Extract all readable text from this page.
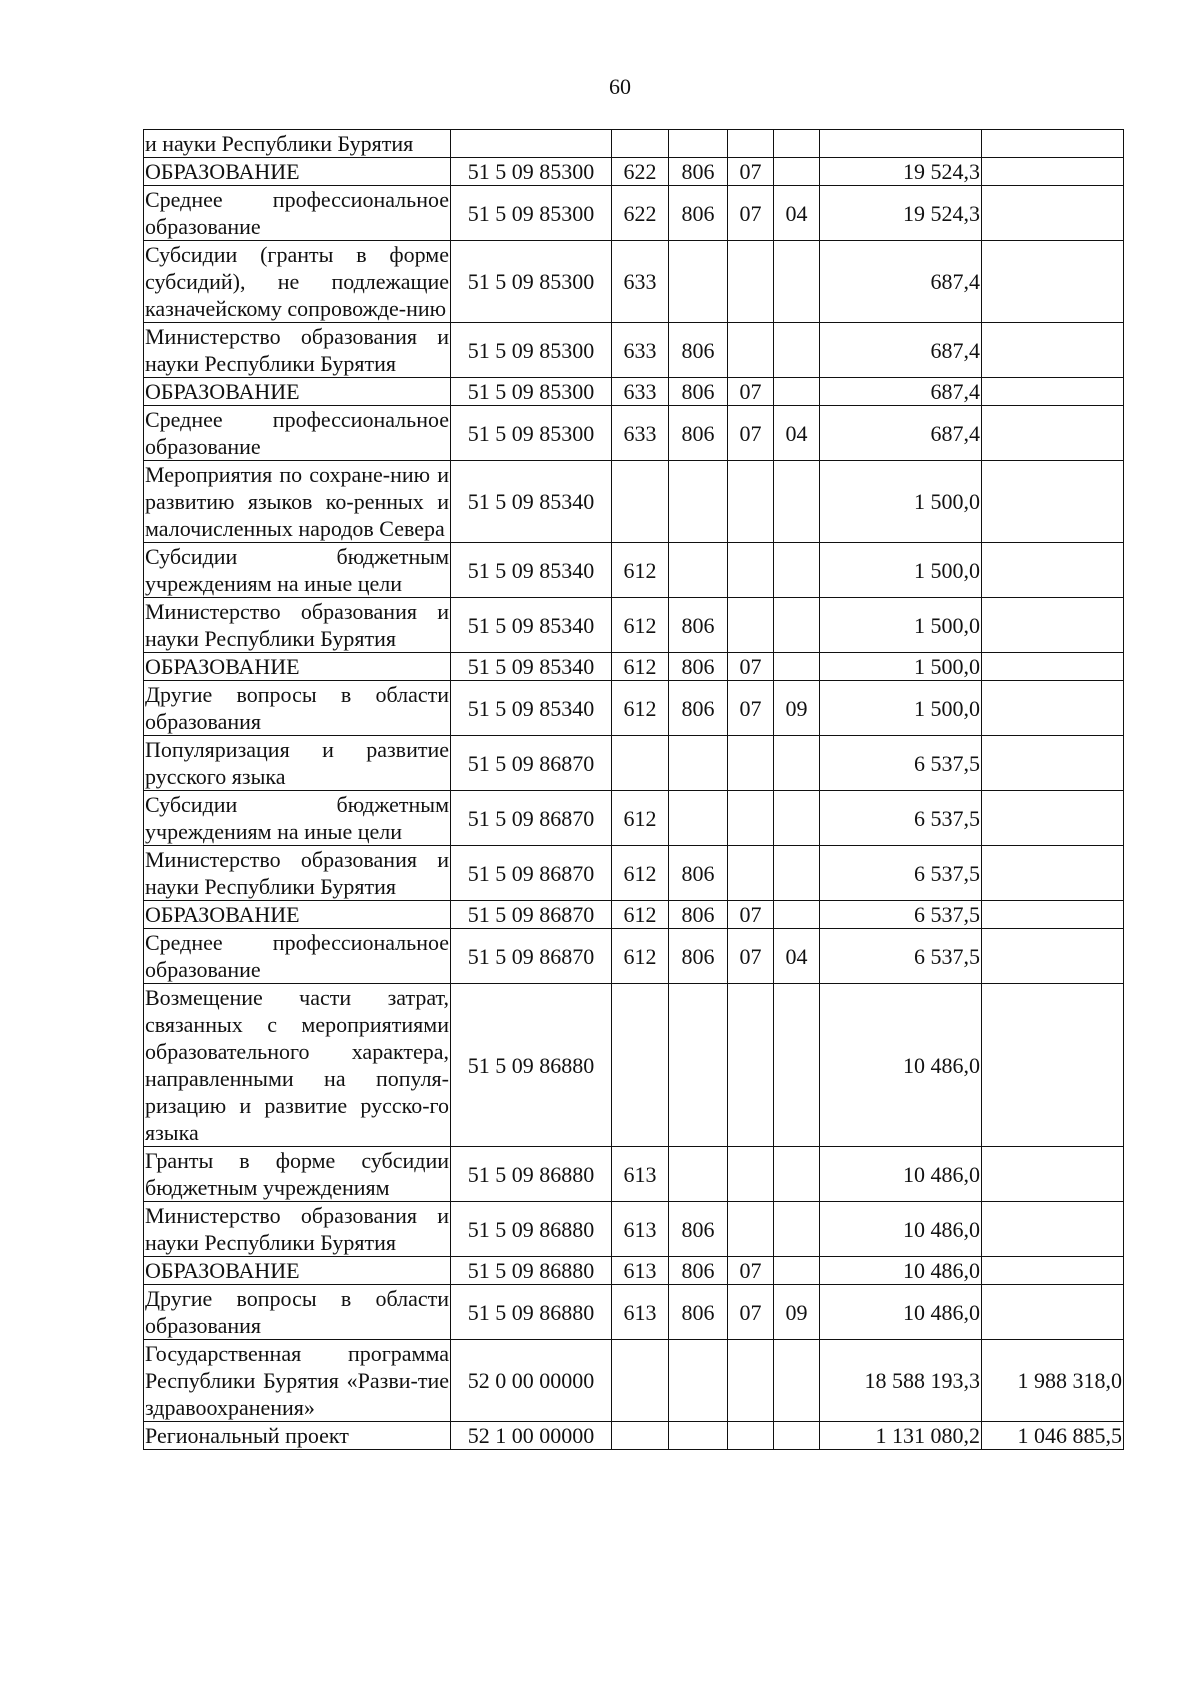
60
и науки Республики Бурятия							
ОБРАЗОВАНИЕ	51 5 09 85300	622	806	07		19 524,3	
Среднее профессиональное образование	51 5 09 85300	622	806	07	04	19 524,3	
Субсидии (гранты в форме субсидий), не подлежащие казначейскому сопровожде-нию	51 5 09 85300	633				687,4	
Министерство образования и науки Республики Бурятия	51 5 09 85300	633	806			687,4	
ОБРАЗОВАНИЕ	51 5 09 85300	633	806	07		687,4	
Среднее профессиональное образование	51 5 09 85300	633	806	07	04	687,4	
Мероприятия по сохране-нию и развитию языков ко-ренных и малочисленных народов Севера	51 5 09 85340					1 500,0	
Субсидии бюджетным учреждениям на иные цели	51 5 09 85340	612				1 500,0	
Министерство образования и науки Республики Бурятия	51 5 09 85340	612	806			1 500,0	
ОБРАЗОВАНИЕ	51 5 09 85340	612	806	07		1 500,0	
Другие вопросы в области образования	51 5 09 85340	612	806	07	09	1 500,0	
Популяризация и развитие русского языка	51 5 09 86870					6 537,5	
Субсидии бюджетным учреждениям на иные цели	51 5 09 86870	612				6 537,5	
Министерство образования и науки Республики Бурятия	51 5 09 86870	612	806			6 537,5	
ОБРАЗОВАНИЕ	51 5 09 86870	612	806	07		6 537,5	
Среднее профессиональное образование	51 5 09 86870	612	806	07	04	6 537,5	
Возмещение части затрат, связанных с мероприятиями образовательного характера, направленными на популя-ризацию и развитие русско-го языка	51 5 09 86880					10 486,0	
Гранты в форме субсидии бюджетным учреждениям	51 5 09 86880	613				10 486,0	
Министерство образования и науки Республики Бурятия	51 5 09 86880	613	806			10 486,0	
ОБРАЗОВАНИЕ	51 5 09 86880	613	806	07		10 486,0	
Другие вопросы в области образования	51 5 09 86880	613	806	07	09	10 486,0	
Государственная программа Республики Бурятия «Разви-тие здравоохранения»	52 0 00 00000					18 588 193,3	1 988 318,0
Региональный проект	52 1 00 00000					1 131 080,2	1 046 885,5
